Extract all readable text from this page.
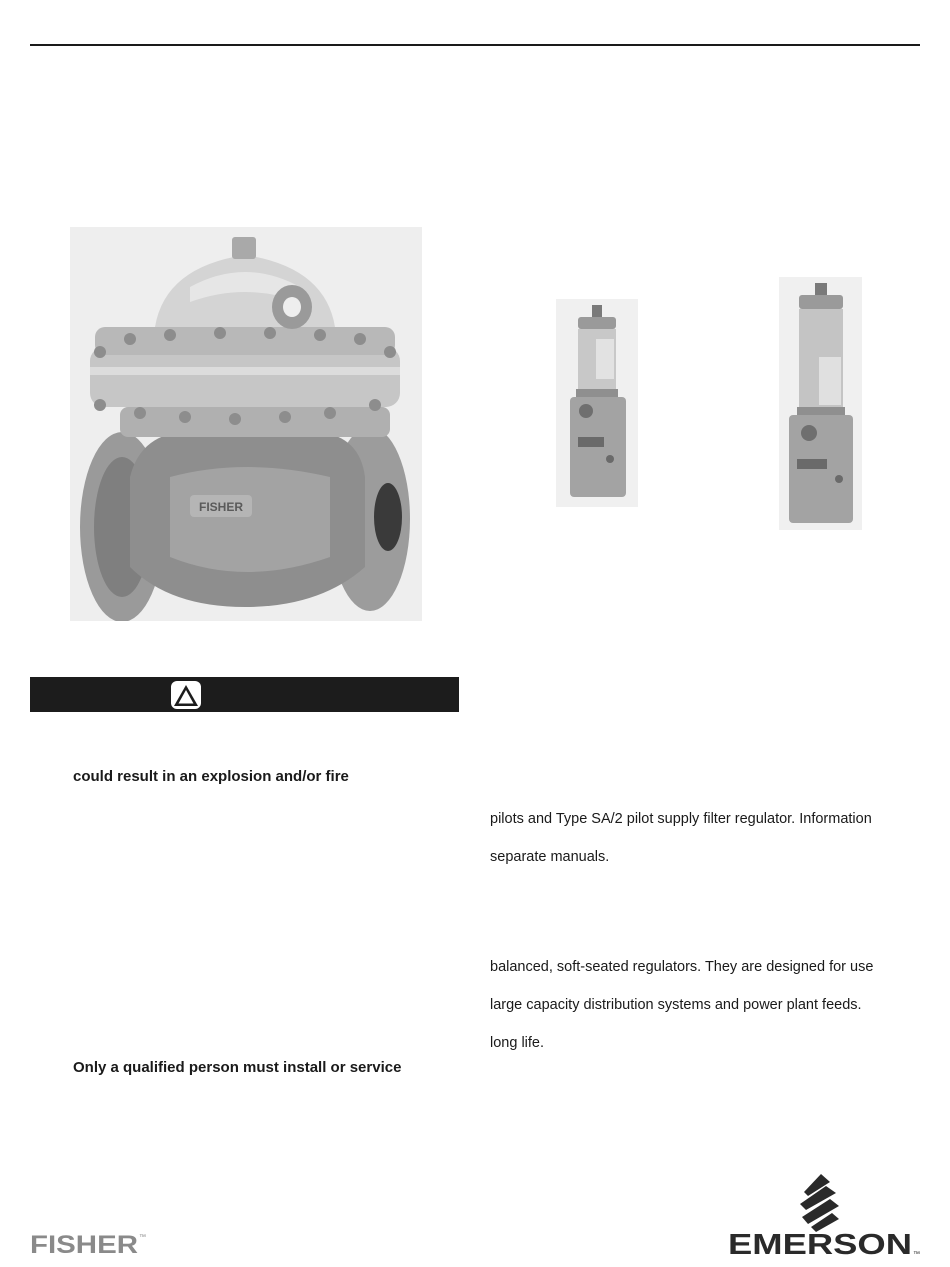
FISHER
could result in an explosion and/or fire
Only a qualified person must install or service
pilots and Type SA/2 pilot supply filter regulator. Information
separate manuals.
balanced, soft-seated regulators. They are designed for use
large capacity distribution systems and power plant feeds.
long life.
FISHER ™	EMERSON ™
